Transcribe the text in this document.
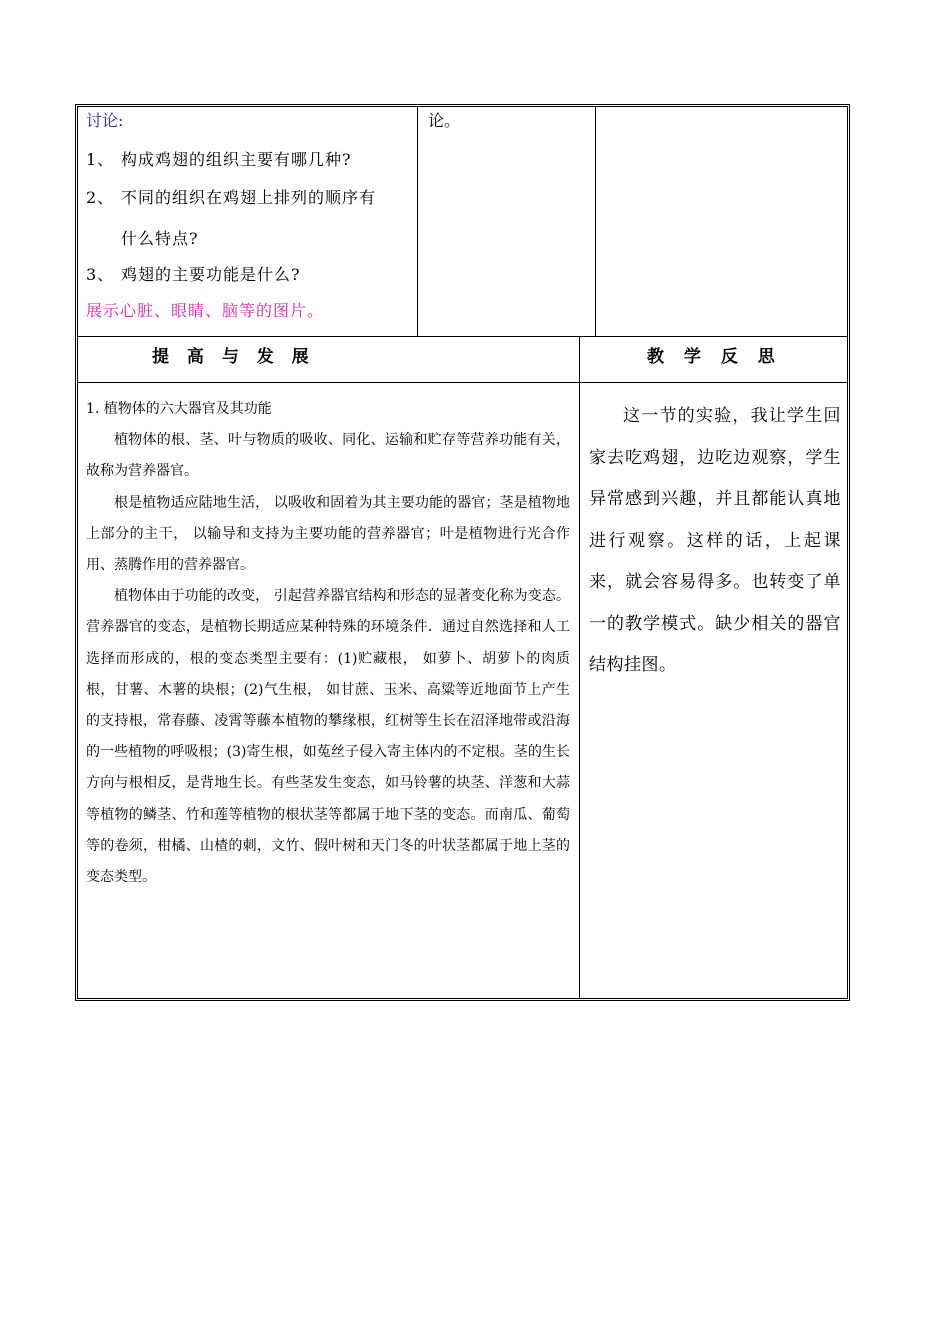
讨论:
1、 构成鸡翅的组织主要有哪几种?
2、 不同的组织在鸡翅上排列的顺序有
什么特点?
3、 鸡翅的主要功能是什么?
展示心脏、眼睛、脑等的图片。
论。
提 高 与 发 展	教 学 反 思

1. 植物体的六大器官及其功能

植物体的根、茎、叶与物质的吸收、同化、运输和贮存等营养功能有关， 故称为营养器官。

根是植物适应陆地生活， 以吸收和固着为其主要功能的器官；茎是植物地上部分的主干， 以输导和支持为主要功能的营养器官；叶是植物进行光合作用、蒸腾作用的营养器官。

植物体由于功能的改变， 引起营养器官结构和形态的显著变化称为变态。营养器官的变态，是植物长期适应某种特殊的环境条件．通过自然选择和人工选择而形成的，根的变态类型主要有：(1)贮藏根， 如萝卜、胡萝卜的肉质根，甘薯、木薯的块根；(2)气生根， 如甘蔗、玉米、高粱等近地面节上产生的支持根，常春藤、凌霄等藤本植物的攀缘根，红树等生长在沼泽地带或沿海的一些植物的呼吸根；(3)寄生根，如菟丝子侵入寄主体内的不定根。茎的生长方向与根相反，是背地生长。有些茎发生变态，如马铃薯的块茎、洋葱和大蒜等植物的鳞茎、竹和莲等植物的根状茎等都属于地下茎的变态。而南瓜、葡萄等的卷须，柑橘、山楂的刺，文竹、假叶树和天门冬的叶状茎都属于地上茎的变态类型。

这一节的实验，我让学生回家去吃鸡翅，边吃边观察，学生异常感到兴趣，并且都能认真地进行观察。这样的话，上起课来，就会容易得多。也转变了单一的教学模式。缺少相关的器官结构挂图。
